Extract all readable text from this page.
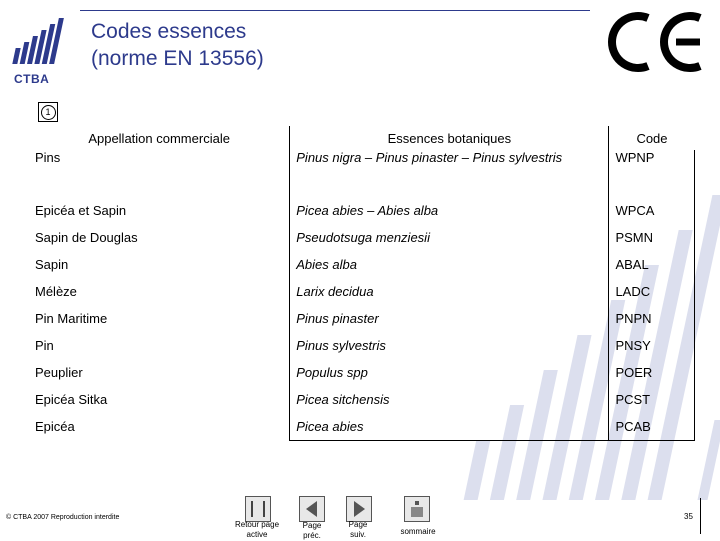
CTBA
Codes essences
(norme EN 13556)
1
Appellation commerciale	Essences botaniques	Code
Pins	Pinus nigra – Pinus pinaster – Pinus sylvestris	WPNP
Epicéa et Sapin	Picea abies – Abies alba	WPCA
Sapin de Douglas	Pseudotsuga menziesii	PSMN
Sapin	Abies alba	ABAL
Mélèze	Larix decidua	LADC
Pin Maritime	Pinus pinaster	PNPN
Pin	Pinus sylvestris	PNSY
Peuplier	Populus spp	POER
Epicéa Sitka	Picea sitchensis	PCST
Epicéa	Picea abies	PCAB
© CTBA 2007 Reproduction interdite
Retour page
active
Page
préc.
Page
suiv.	sommaire
35
